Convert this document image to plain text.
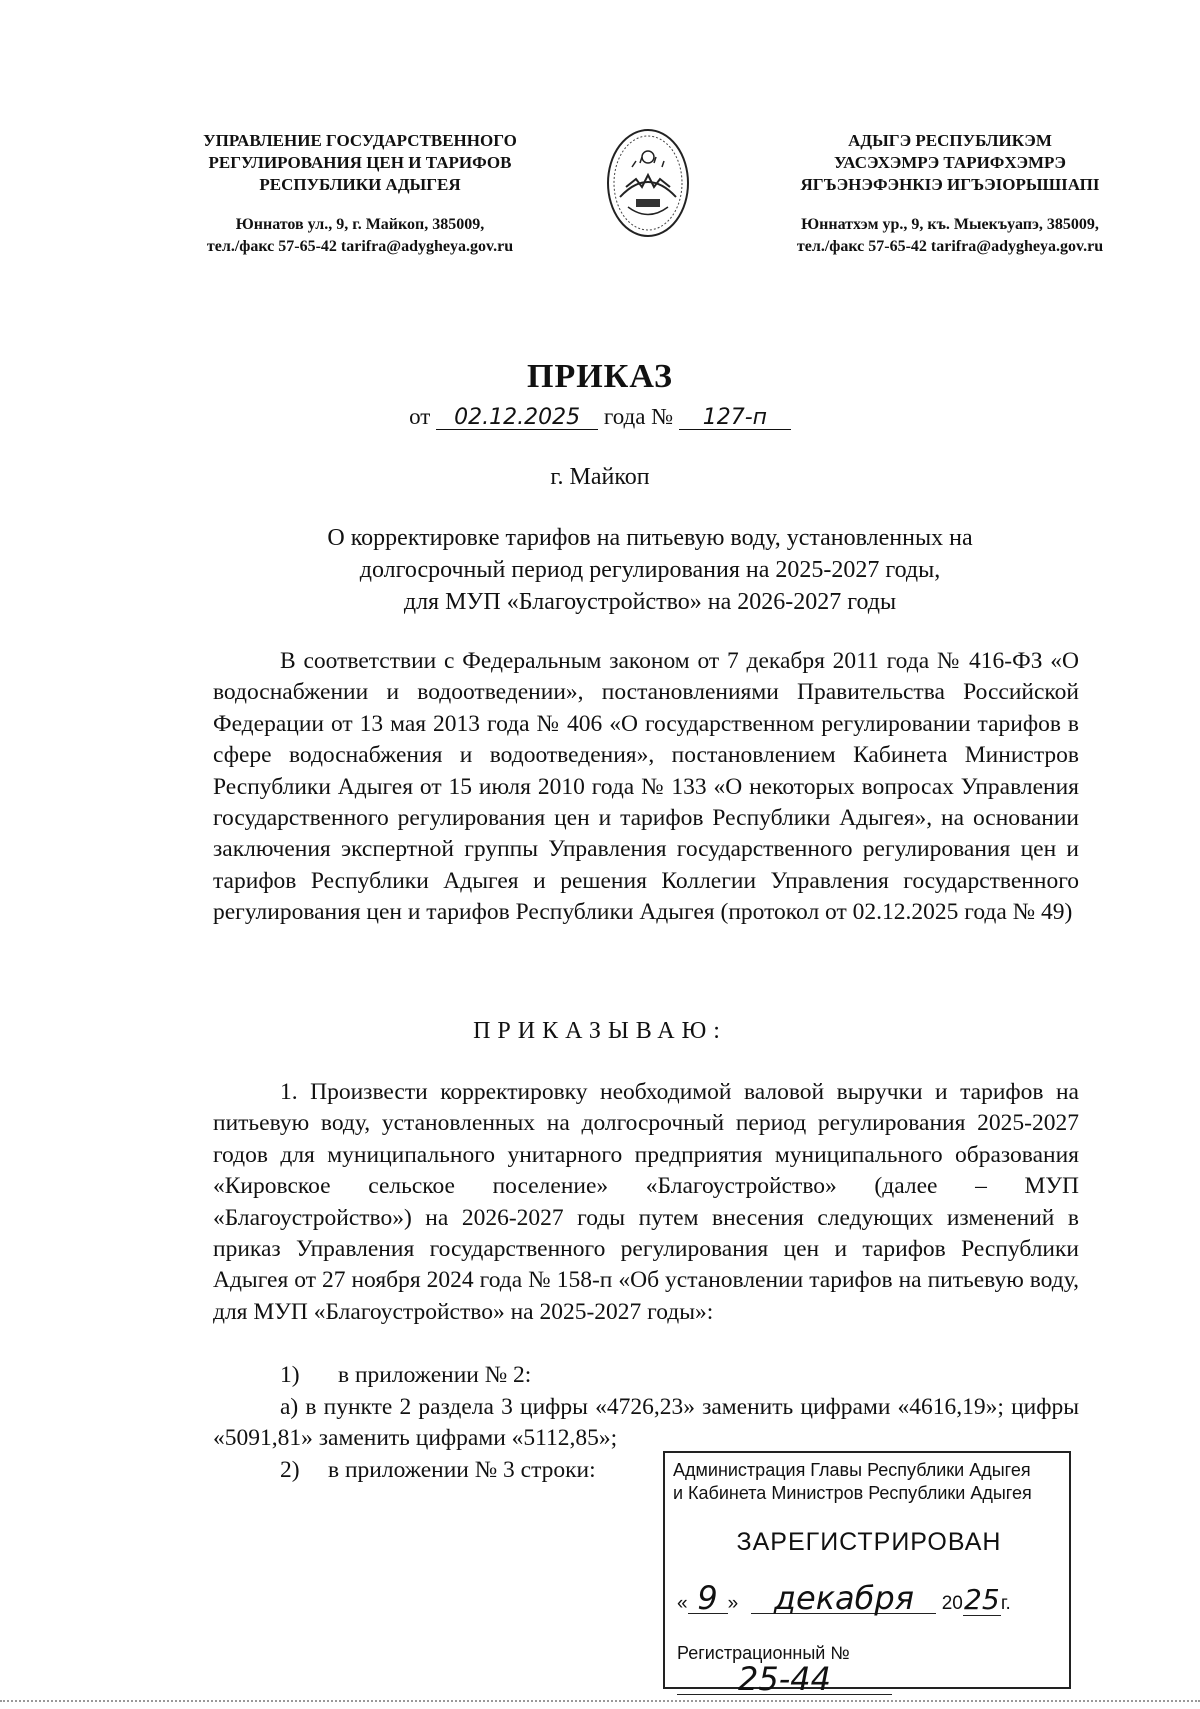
УПРАВЛЕНИЕ ГОСУДАРСТВЕННОГО
РЕГУЛИРОВАНИЯ ЦЕН И ТАРИФОВ
РЕСПУБЛИКИ АДЫГЕЯ
Юннатов ул., 9, г. Майкоп, 385009,
тел./факс 57-65-42 tarifra@adygheya.gov.ru
АДЫГЭ РЕСПУБЛИКЭМ
УАСЭХЭМРЭ ТАРИФХЭМРЭ
ЯГЪЭНЭФЭНКIЭ ИГЪЭIОРЫШIАПI
Юннатхэм ур., 9, къ. Мыекъуапэ, 385009,
тел./факс 57-65-42 tarifra@adygheya.gov.ru
ПРИКАЗ
от 02.12.2025 года № 127-п
г. Майкоп
О корректировке тарифов на питьевую воду, установленных на
долгосрочный период регулирования на 2025-2027 годы,
для МУП «Благоустройство» на 2026-2027 годы
В соответствии с Федеральным законом от 7 декабря 2011 года № 416-ФЗ «О водоснабжении и водоотведении», постановлениями Правительства Российской Федерации от 13 мая 2013 года № 406 «О государственном регулировании тарифов в сфере водоснабжения и водоотведения», постановлением Кабинета Министров Республики Адыгея от 15 июля 2010 года № 133 «О некоторых вопросах Управления государственного регулирования цен и тарифов Республики Адыгея», на основании заключения экспертной группы Управления государственного регулирования цен и тарифов Республики Адыгея и решения Коллегии Управления государственного регулирования цен и тарифов Республики Адыгея (протокол от 02.12.2025 года № 49)
ПРИКАЗЫВАЮ:
1. Произвести корректировку необходимой валовой выручки и тарифов на питьевую воду, установленных на долгосрочный период регулирования 2025-2027 годов для муниципального унитарного предприятия муниципального образования «Кировское сельское поселение» «Благоустройство» (далее – МУП «Благоустройство») на 2026-2027 годы путем внесения следующих изменений в приказ Управления государственного регулирования цен и тарифов Республики Адыгея от 27 ноября 2024 года № 158-п «Об установлении тарифов на питьевую воду, для МУП «Благоустройство» на 2025-2027 годы»:
1) в приложении № 2:
а) в пункте 2 раздела 3 цифры «4726,23» заменить цифрами «4616,19»; цифры «5091,81» заменить цифрами «5112,85»;
2) в приложении № 3 строки:	Администрация Главы Республики Адыгея
и Кабинета Министров Республики Адыгея
ЗАРЕГИСТРИРОВАН
« 9 » декабря 2025г.
Регистрационный № 25-44
